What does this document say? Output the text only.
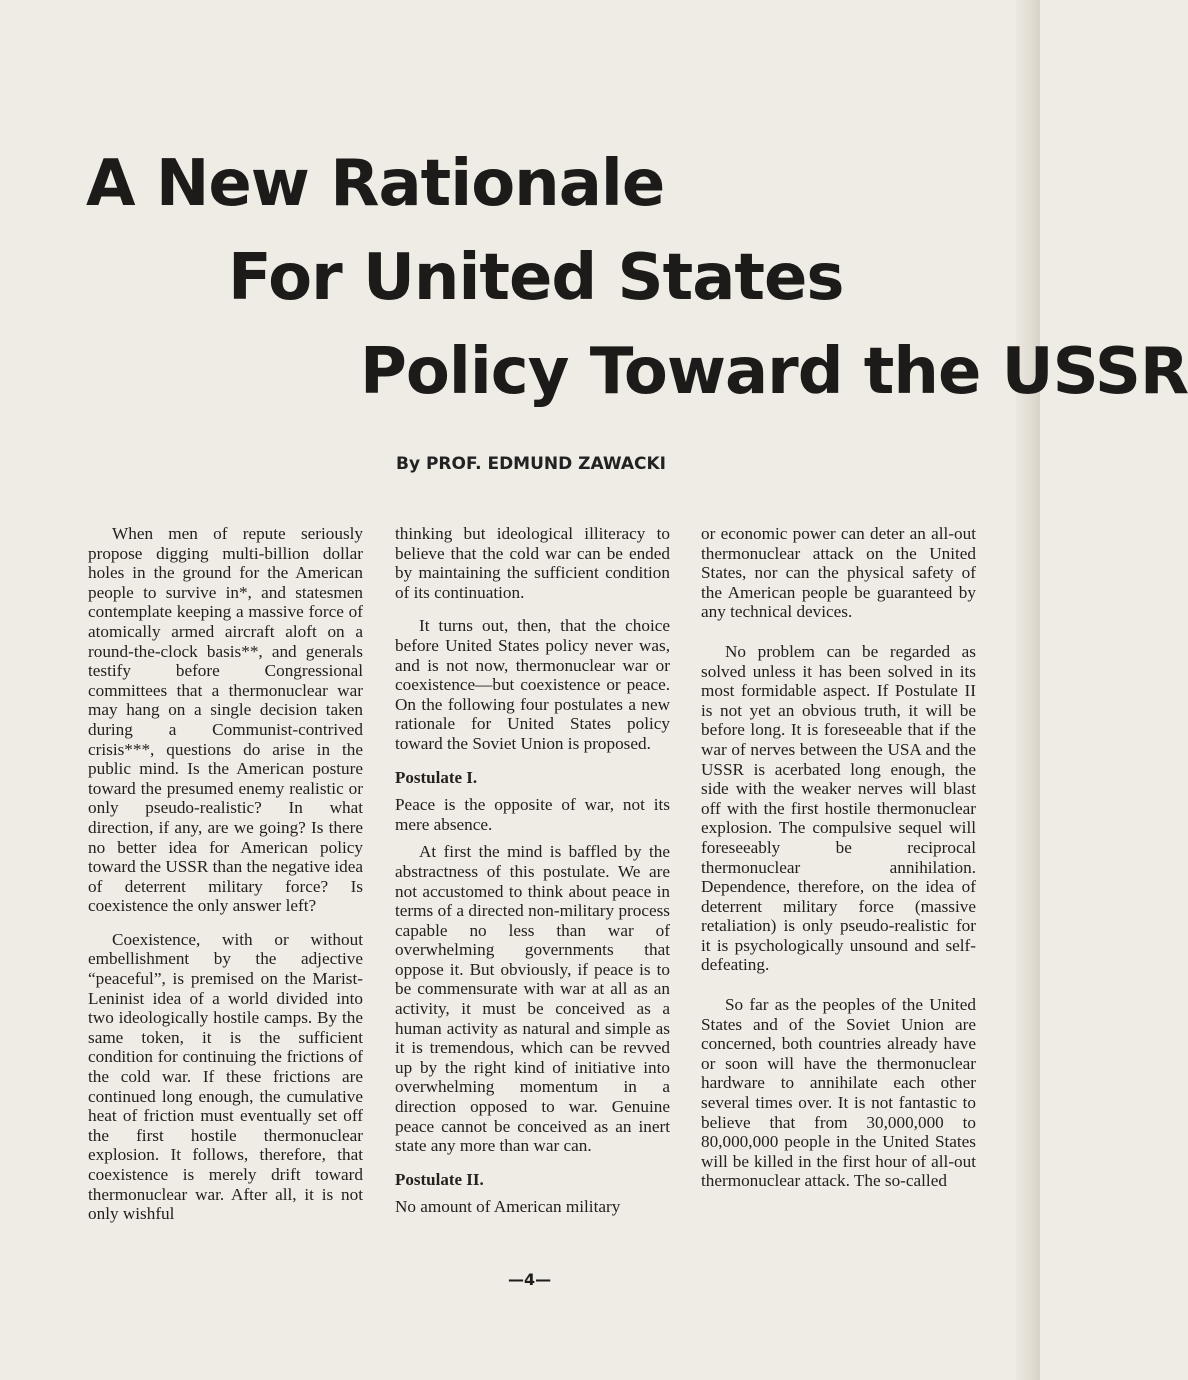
A New Rationale
For United States
Policy Toward the USSR
By PROF. EDMUND ZAWACKI

When men of repute seriously propose digging multi-billion dollar holes in the ground for the American people to survive in*, and statesmen contemplate keeping a massive force of atomically armed aircraft aloft on a round-the-clock basis**, and generals testify before Congressional committees that a thermonuclear war may hang on a single decision taken during a Communist-contrived crisis***, questions do arise in the public mind. Is the American posture toward the presumed enemy realistic or only pseudo-realistic? In what direction, if any, are we going? Is there no better idea for American policy toward the USSR than the negative idea of deterrent military force? Is coexistence the only answer left?

Coexistence, with or without embellishment by the adjective “peaceful”, is premised on the Marist-Leninist idea of a world divided into two ideologically hostile camps. By the same token, it is the sufficient condition for continuing the frictions of the cold war. If these frictions are continued long enough, the cumulative heat of friction must eventually set off the first hostile thermonuclear explosion. It follows, therefore, that coexistence is merely drift toward thermonuclear war. After all, it is not only wishful

thinking but ideological illiteracy to believe that the cold war can be ended by maintaining the sufficient condition of its continuation.

It turns out, then, that the choice before United States policy never was, and is not now, thermonuclear war or coexistence—but coexistence or peace. On the following four postulates a new rationale for United States policy toward the Soviet Union is proposed.

Postulate I.

Peace is the opposite of war, not its mere absence.

At first the mind is baffled by the abstractness of this postulate. We are not accustomed to think about peace in terms of a directed non-military process capable no less than war of overwhelming governments that oppose it. But obviously, if peace is to be commensurate with war at all as an activity, it must be conceived as a human activity as natural and simple as it is tremendous, which can be revved up by the right kind of initiative into overwhelming momentum in a direction opposed to war. Genuine peace cannot be conceived as an inert state any more than war can.

Postulate II.

No amount of American military

or economic power can deter an all-out thermonuclear attack on the United States, nor can the physical safety of the American people be guaranteed by any technical devices.

No problem can be regarded as solved unless it has been solved in its most formidable aspect. If Postulate II is not yet an obvious truth, it will be before long. It is foreseeable that if the war of nerves between the USA and the USSR is acerbated long enough, the side with the weaker nerves will blast off with the first hostile thermonuclear explosion. The compulsive sequel will foreseeably be reciprocal thermonuclear annihilation. Dependence, therefore, on the idea of deterrent military force (massive retaliation) is only pseudo-realistic for it is psychologically unsound and self-defeating.

So far as the peoples of the United States and of the Soviet Union are concerned, both countries already have or soon will have the thermonuclear hardware to annihilate each other several times over. It is not fantastic to believe that from 30,000,000 to 80,000,000 people in the United States will be killed in the first hour of all-out thermonuclear attack. The so-called

—4—
